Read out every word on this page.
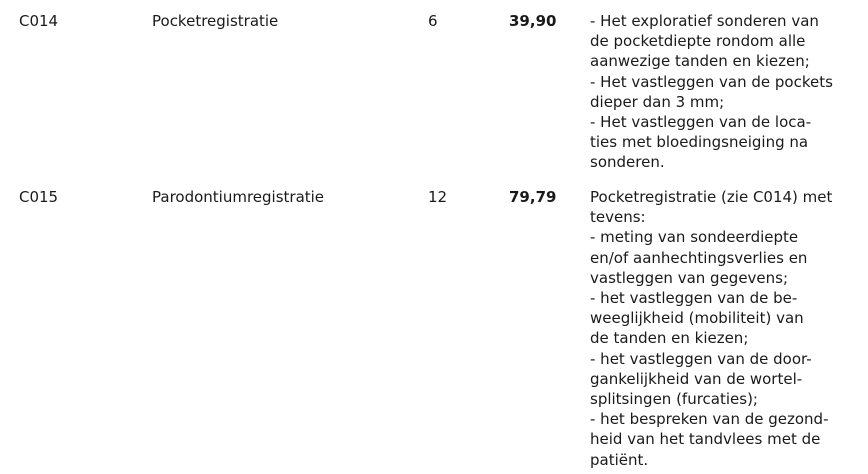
C014	Pocketregistratie	6	39,90 - Het exploratief sonderen van
de pocketdiepte rondom alle
aanwezige tanden en kiezen;
- Het vastleggen van de pockets
dieper dan 3 mm;
- Het vastleggen van de loca-
ties met bloedingsneiging na
sonderen.
C015	Parodontiumregistratie	12	79,79 Pocketregistratie (zie C014) met
tevens:
- meting van sondeerdiepte
en/of aanhechtingsverlies en
vastleggen van gegevens;
- het vastleggen van de be-
weeglijkheid (mobiliteit) van
de tanden en kiezen;
- het vastleggen van de door-
gankelijkheid van de wortel-
splitsingen (furcaties);
- het bespreken van de gezond-
heid van het tandvlees met de
patiënt.
